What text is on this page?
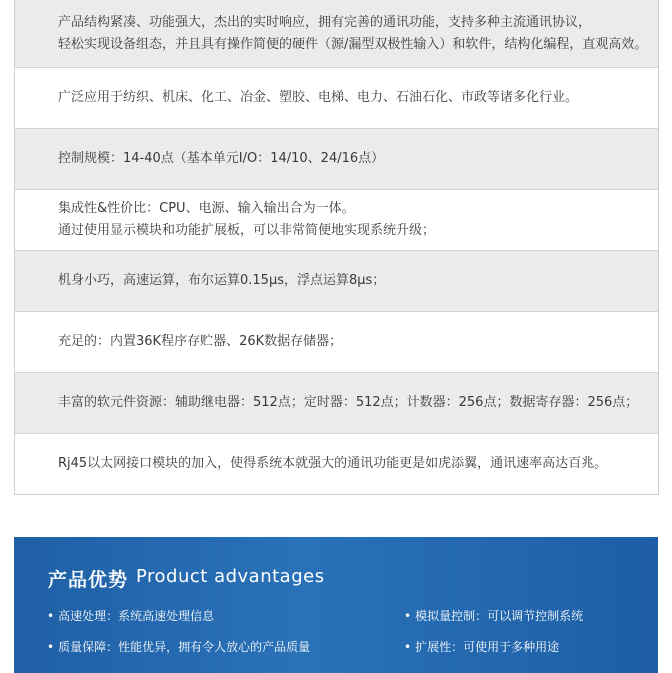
产品结构紧凑、功能强大，杰出的实时响应，拥有完善的通讯功能，支持多种主流通讯协议，
轻松实现设备组态，并且具有操作简便的硬件（源/漏型双极性输入）和软件，结构化编程，直观高效。
广泛应用于纺织、机床、化工、冶金、塑胶、电梯、电力、石油石化、市政等诸多化行业。
控制规模：14-40点（基本单元I/O：14/10、24/16点）
集成性&性价比：CPU、电源、输入输出合为一体。
通过使用显示模块和功能扩展板，可以非常简便地实现系统升级；
机身小巧，高速运算，布尔运算0.15μs，浮点运算8μs；
充足的：内置36K程序存贮器、26K数据存储器；
丰富的软元件资源：辅助继电器：512点；定时器：512点；计数器：256点；数据寄存器：256点；
Rj45以太网接口模块的加入，使得系统本就强大的通讯功能更是如虎添翼，通讯速率高达百兆。
产品优势 Product advantages
• 高速处理：系统高速处理信息	• 模拟量控制：可以调节控制系统
• 质量保障：性能优异，拥有令人放心的产品质量	• 扩展性：可使用于多种用途
